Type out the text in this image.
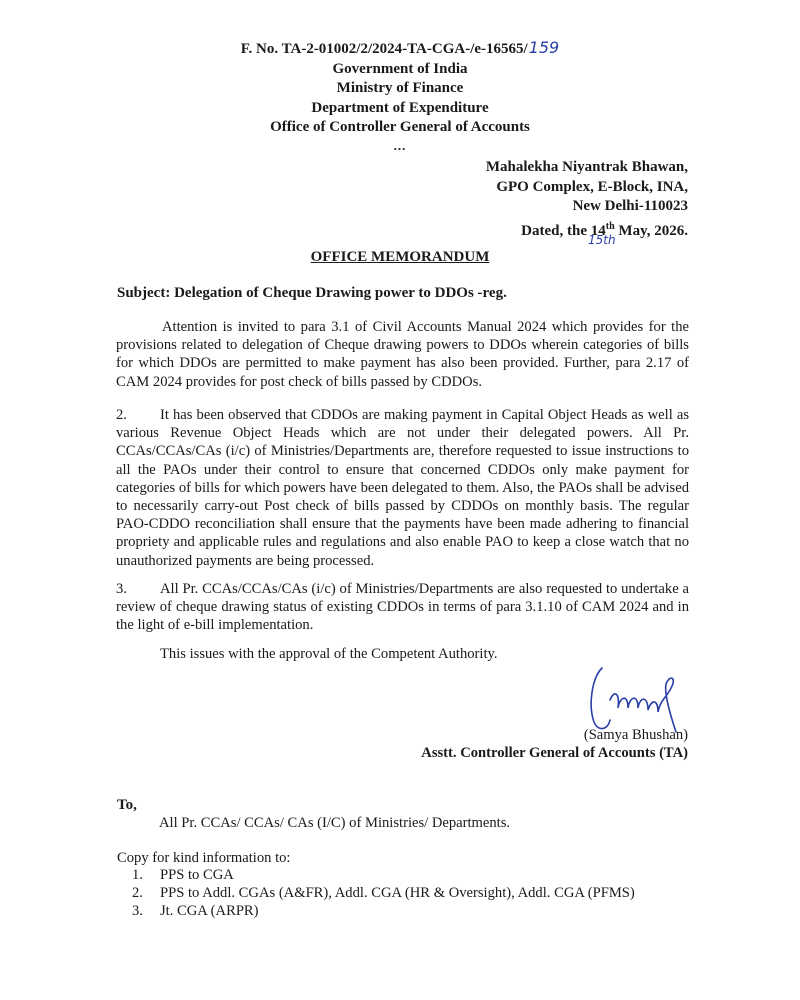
F. No. TA-2-01002/2/2024-TA-CGA-/e-16565/ 159
Government of India
Ministry of Finance
Department of Expenditure
Office of Controller General of Accounts
...
Mahalekha Niyantrak Bhawan,
GPO Complex, E-Block, INA,
New Delhi-110023
Dated, the 14th May, 2026.
15th
OFFICE MEMORANDUM
Subject: Delegation of Cheque Drawing power to DDOs -reg.
Attention is invited to para 3.1 of Civil Accounts Manual 2024 which provides for the provisions related to delegation of Cheque drawing powers to DDOs wherein categories of bills for which DDOs are permitted to make payment has also been provided. Further, para 2.17 of CAM 2024 provides for post check of bills passed by CDDOs.
2. It has been observed that CDDOs are making payment in Capital Object Heads as well as various Revenue Object Heads which are not under their delegated powers. All Pr. CCAs/CCAs/CAs (i/c) of Ministries/Departments are, therefore requested to issue instructions to all the PAOs under their control to ensure that concerned CDDOs only make payment for categories of bills for which powers have been delegated to them. Also, the PAOs shall be advised to necessarily carry-out Post check of bills passed by CDDOs on monthly basis. The regular PAO-CDDO reconciliation shall ensure that the payments have been made adhering to financial propriety and applicable rules and regulations and also enable PAO to keep a close watch that no unauthorized payments are being processed.
3. All Pr. CCAs/CCAs/CAs (i/c) of Ministries/Departments are also requested to undertake a review of cheque drawing status of existing CDDOs in terms of para 3.1.10 of CAM 2024 and in the light of e-bill implementation.
This issues with the approval of the Competent Authority.
(Samya Bhushan)
Asstt. Controller General of Accounts (TA)
To,
All Pr. CCAs/ CCAs/ CAs (I/C) of Ministries/ Departments.
Copy for kind information to:
1.	PPS to CGA
2.	PPS to Addl. CGAs (A&FR), Addl. CGA (HR & Oversight), Addl. CGA (PFMS)
3.	Jt. CGA (ARPR)
